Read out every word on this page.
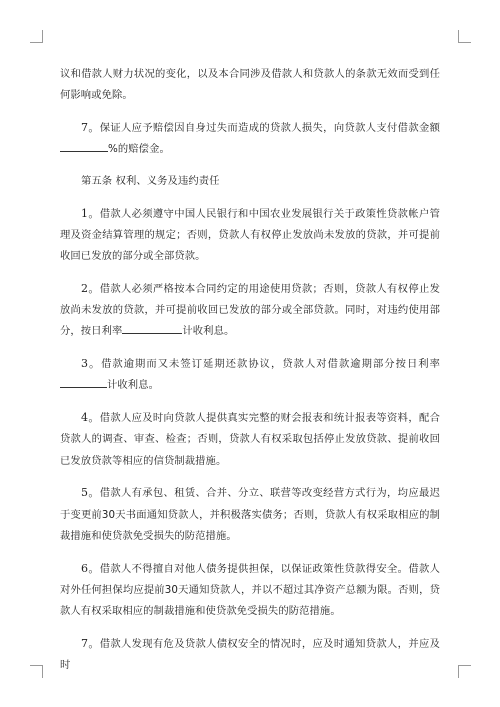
议和借款人财力状况的变化，以及本合同涉及借款人和贷款人的条款无效而受到任何影响或免除。

7。保证人应予赔偿因自身过失而造成的贷款人损失，向贷款人支付借款金额%的赔偿金。

第五条 权利、义务及违约责任

1。借款人必须遵守中国人民银行和中国农业发展银行关于政策性贷款帐户管理及资金结算管理的规定；否则，贷款人有权停止发放尚未发放的贷款，并可提前收回已发放的部分或全部贷款。

2。借款人必须严格按本合同约定的用途使用贷款；否则，贷款人有权停止发放尚未发放的贷款，并可提前收回已发放的部分或全部贷款。同时，对违约使用部分，按日利率	计收利息。

3。借款逾期而又未签订延期还款协议，贷款人对借款逾期部分按日利率计收利息。

4。借款人应及时向贷款人提供真实完整的财会报表和统计报表等资料，配合贷款人的调查、审查、检查；否则，贷款人有权采取包括停止发放贷款、提前收回已发放贷款等相应的信贷制裁措施。

5。借款人有承包、租赁、合并、分立、联营等改变经营方式行为，均应最迟于变更前30天书面通知贷款人，并积极落实债务；否则，贷款人有权采取相应的制裁措施和使贷款免受损失的防范措施。

6。借款人不得擅自对他人债务提供担保，以保证政策性贷款得安全。借款人对外任何担保均应提前30天通知贷款人，并以不超过其净资产总额为限。否则，贷款人有权采取相应的制裁措施和使贷款免受损失的防范措施。

7。借款人发现有危及贷款人债权安全的情况时，应及时通知贷款人，并应及时
